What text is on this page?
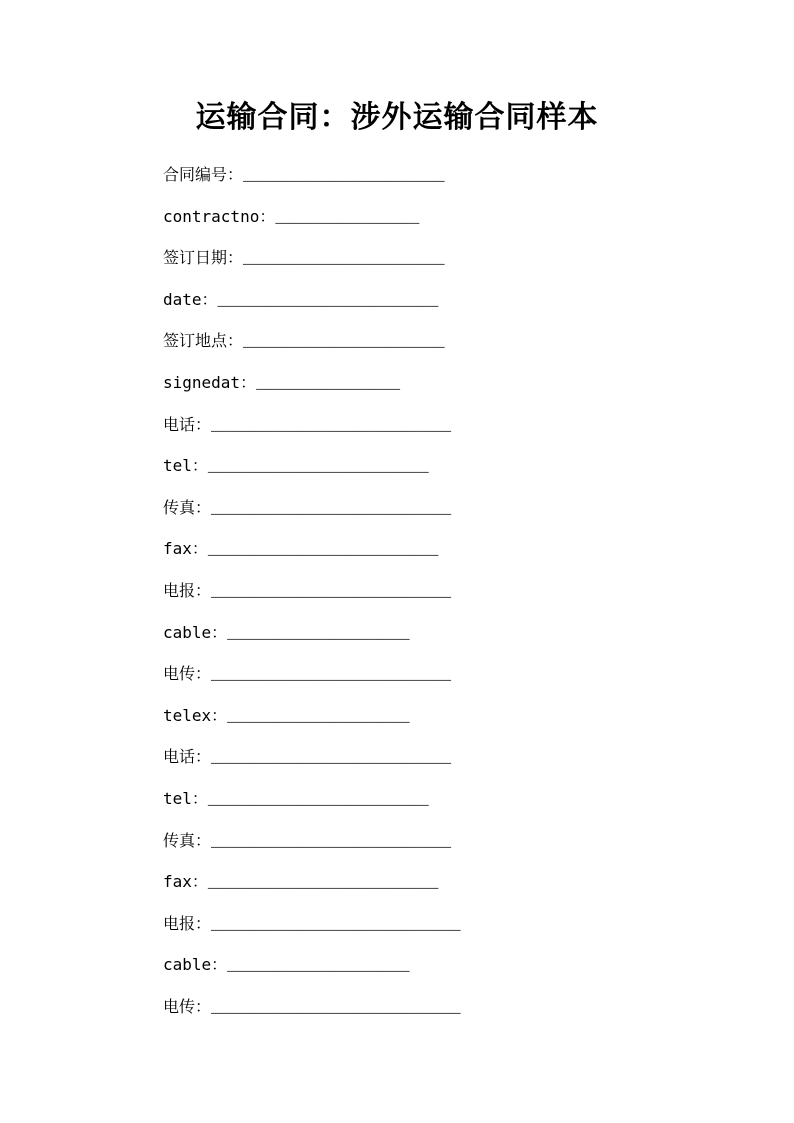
运输合同：涉外运输合同样本
合同编号：_____________________
contractno：_______________
签订日期：_____________________
date：_______________________
签订地点：_____________________
signedat：_______________
电话：_________________________
tel：_______________________
传真：_________________________
fax：________________________
电报：_________________________
cable：___________________
电传：_________________________
telex：___________________
电话：_________________________
tel：_______________________
传真：_________________________
fax：________________________
电报：__________________________
cable：___________________
电传：__________________________
